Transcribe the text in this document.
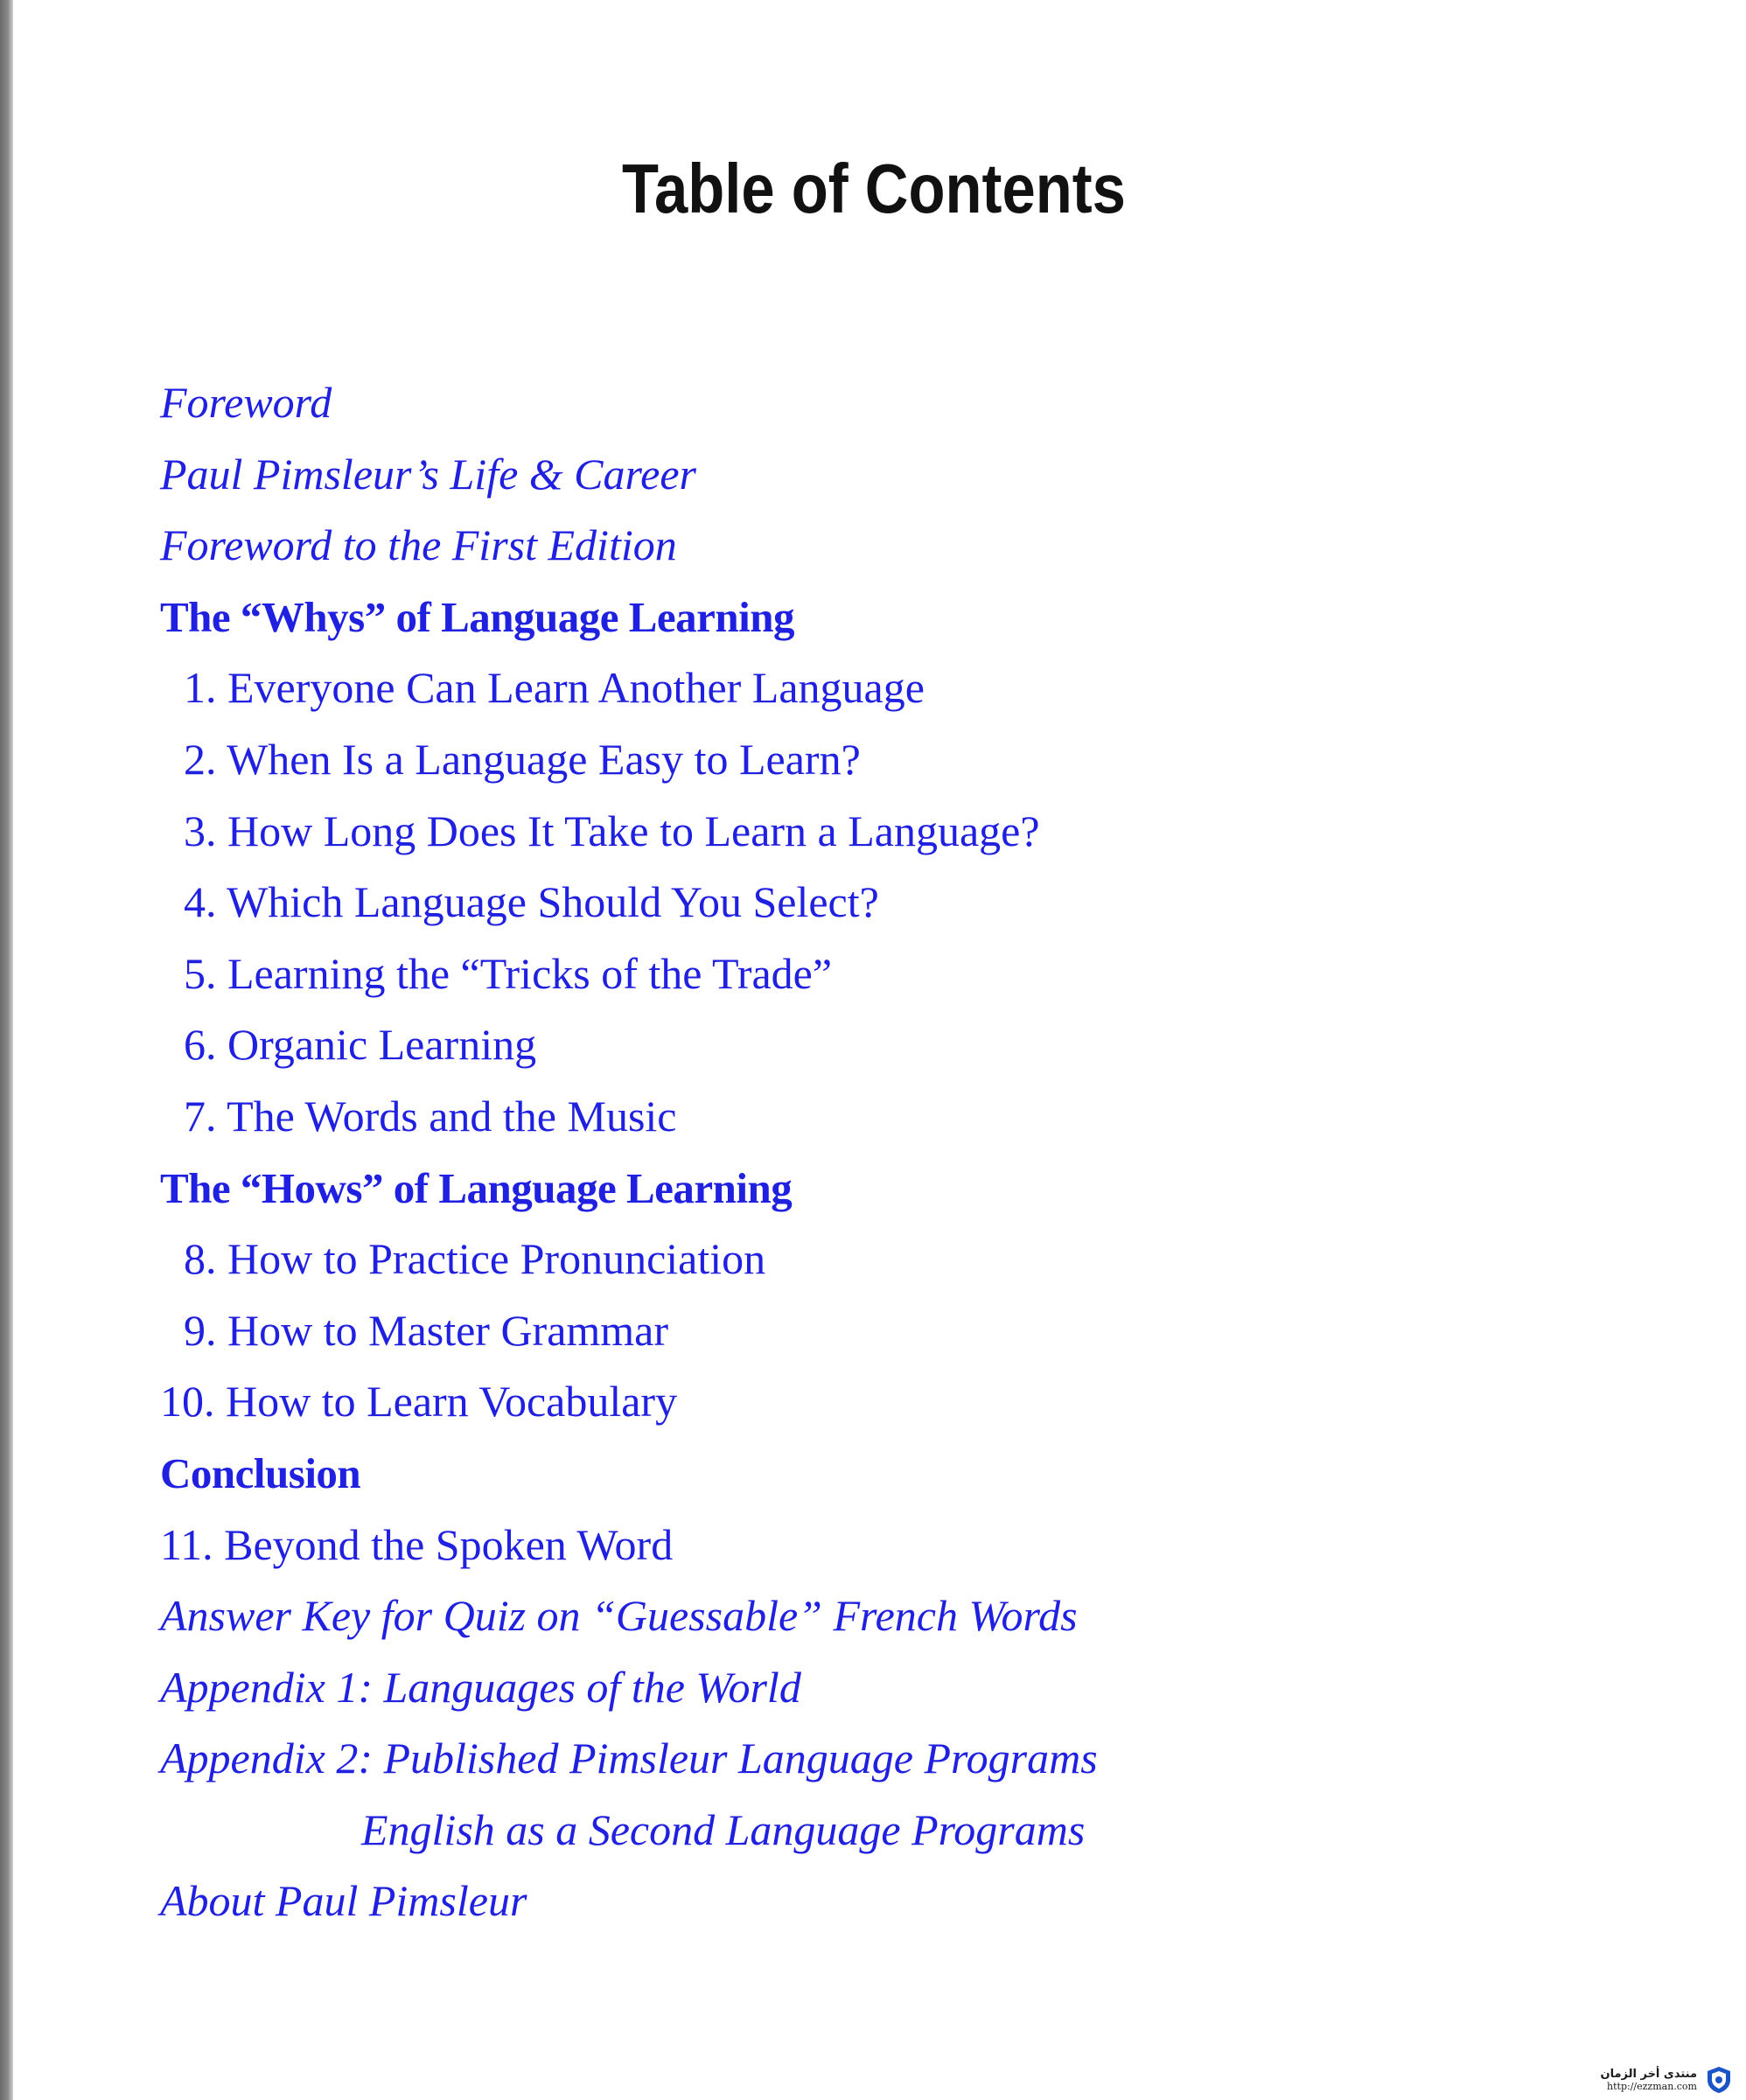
Table of Contents
Foreword
Paul Pimsleur’s Life & Career
Foreword to the First Edition
The “Whys” of Language Learning
1. Everyone Can Learn Another Language
2. When Is a Language Easy to Learn?
3. How Long Does It Take to Learn a Language?
4. Which Language Should You Select?
5. Learning the “Tricks of the Trade”
6. Organic Learning
7. The Words and the Music
The “Hows” of Language Learning
8. How to Practice Pronunciation
9. How to Master Grammar
10. How to Learn Vocabulary
Conclusion
11. Beyond the Spoken Word
Answer Key for Quiz on “Guessable” French Words
Appendix 1: Languages of the World
Appendix 2: Published Pimsleur Language Programs
English as a Second Language Programs
About Paul Pimsleur
منتدى أخر الزمان
http://ezzman.com
